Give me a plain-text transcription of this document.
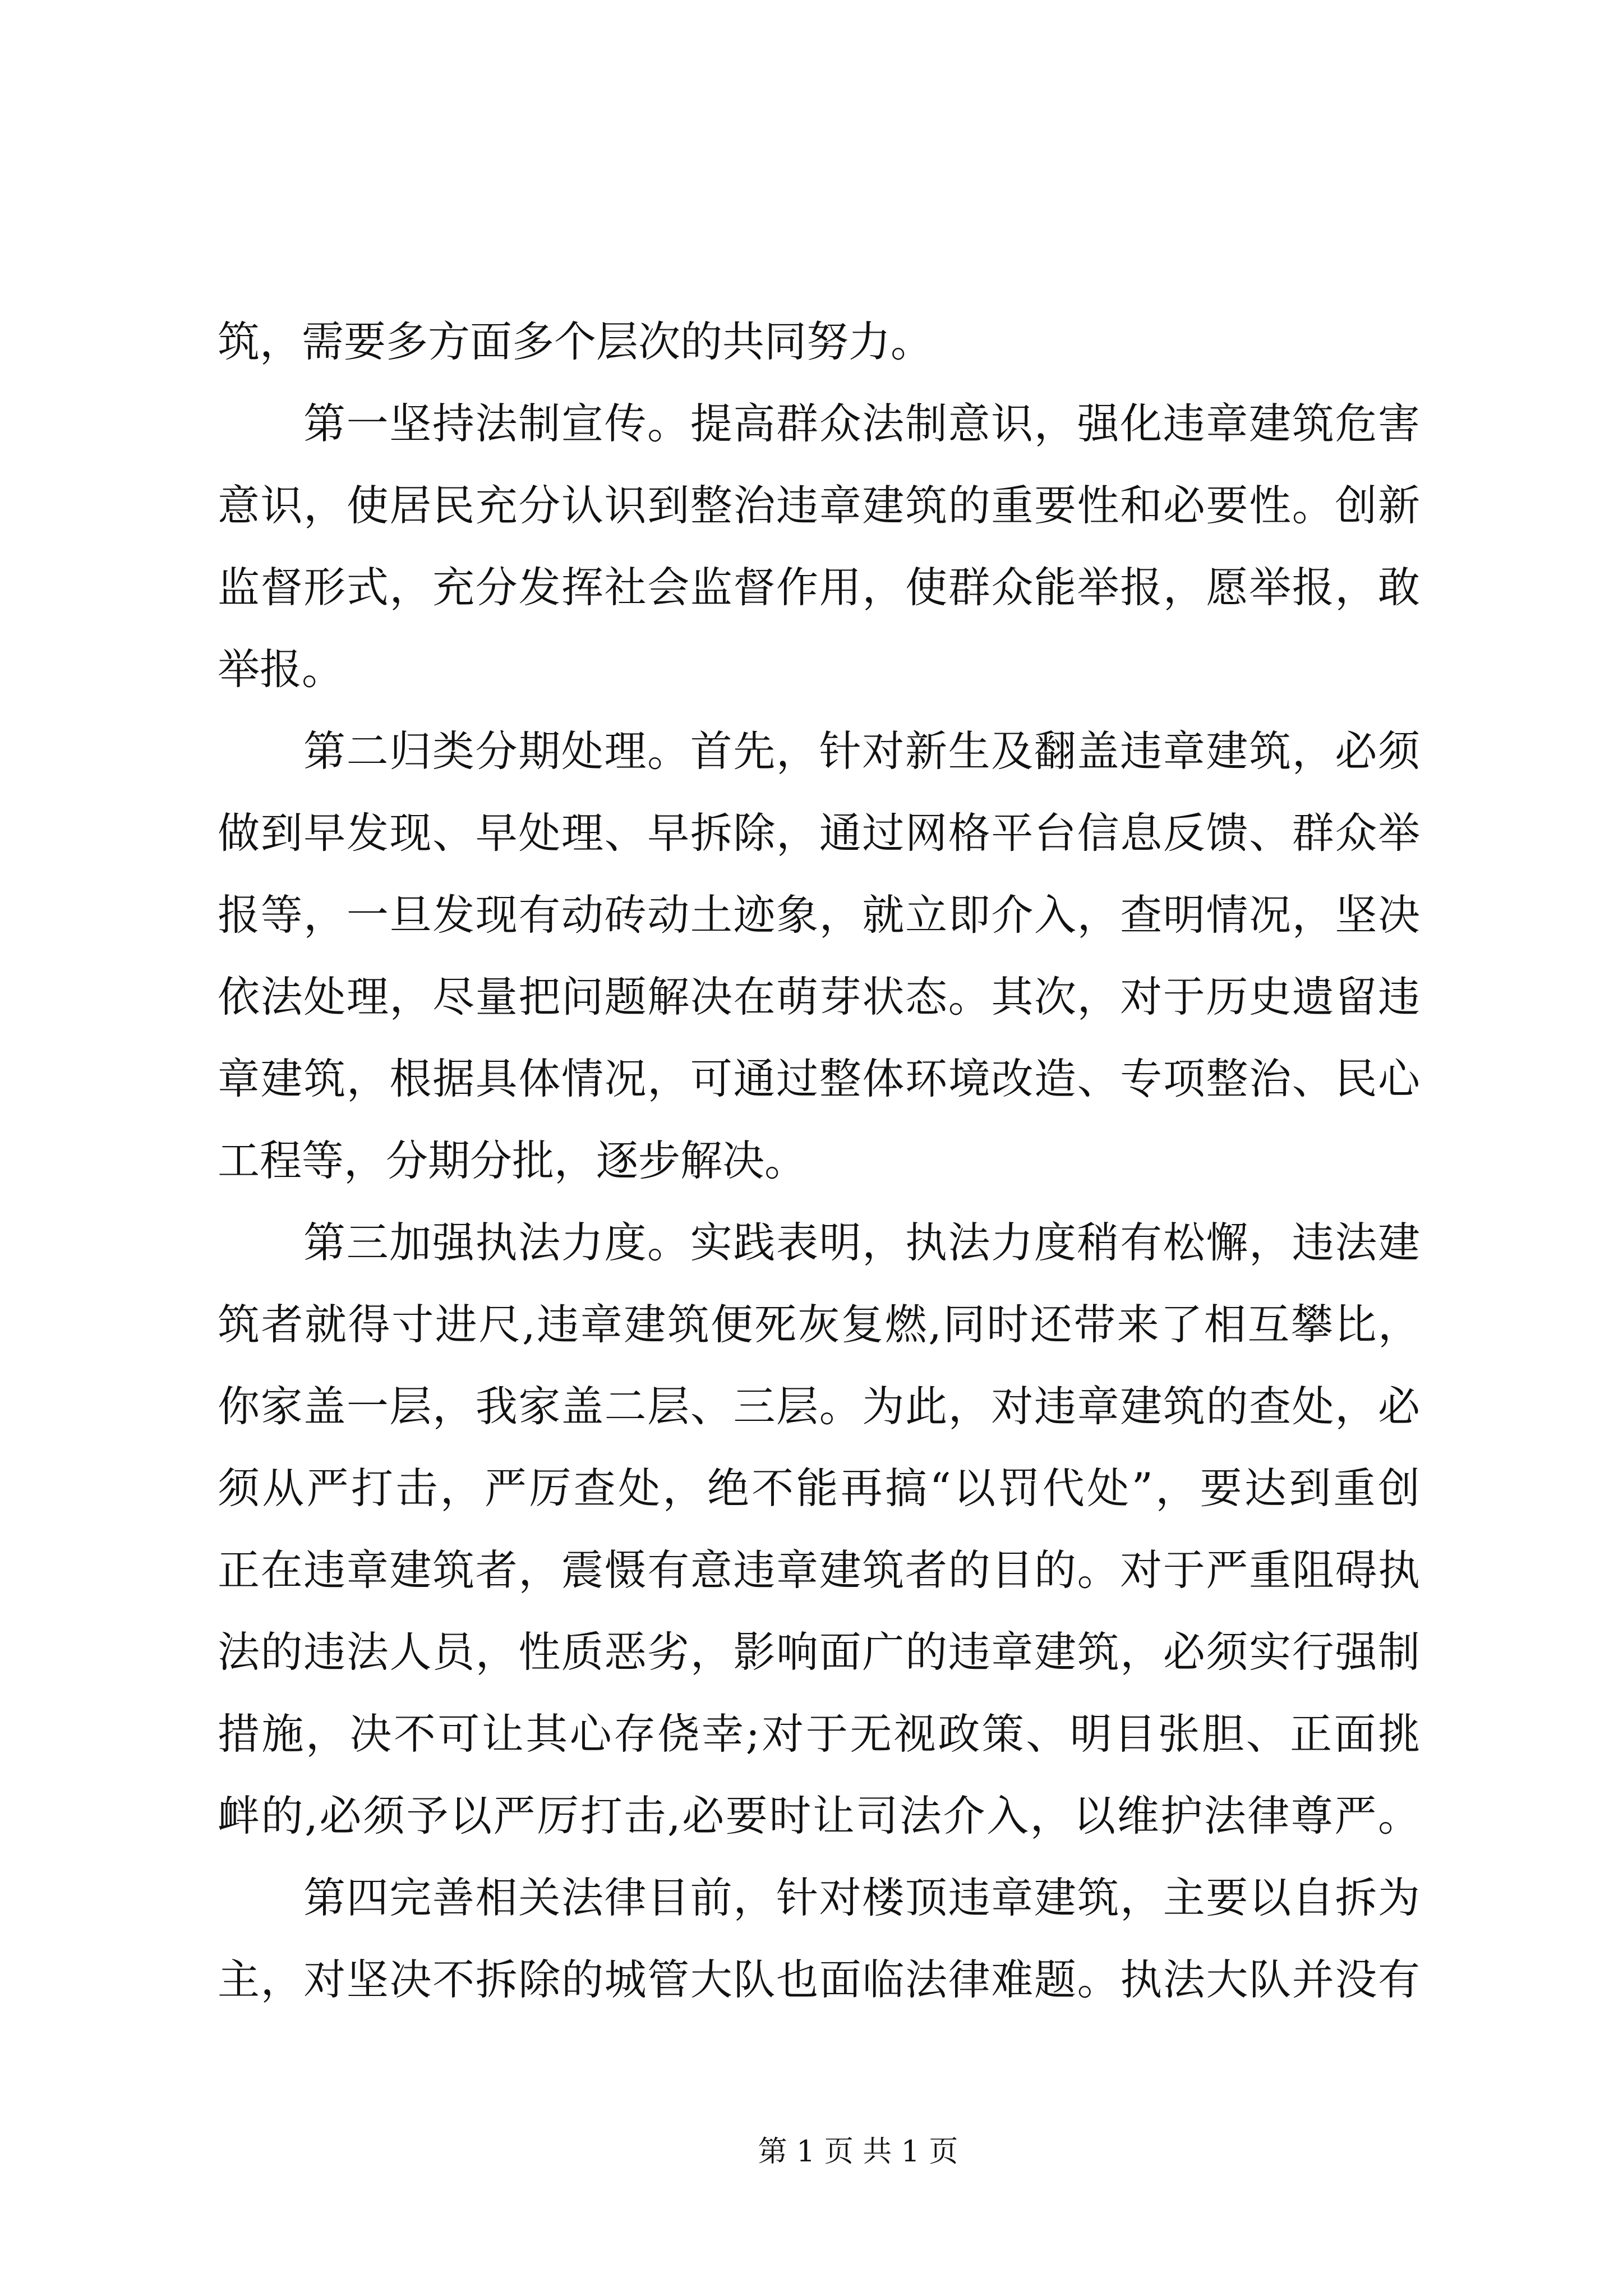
筑，需要多方面多个层次的共同努力。
第一坚持法制宣传。提高群众法制意识，强化违章建筑危害
意识，使居民充分认识到整治违章建筑的重要性和必要性。创新
监督形式，充分发挥社会监督作用，使群众能举报，愿举报，敢
举报。
第二归类分期处理。首先，针对新生及翻盖违章建筑，必须
做到早发现、早处理、早拆除，通过网格平台信息反馈、群众举
报等，一旦发现有动砖动土迹象，就立即介入，查明情况，坚决
依法处理，尽量把问题解决在萌芽状态。其次，对于历史遗留违
章建筑，根据具体情况，可通过整体环境改造、专项整治、民心
工程等，分期分批，逐步解决。
第三加强执法力度。实践表明，执法力度稍有松懈，违法建
筑者就得寸进尺,违章建筑便死灰复燃,同时还带来了相互攀比，
你家盖一层，我家盖二层、三层。为此，对违章建筑的查处，必
须从严打击，严厉查处，绝不能再搞“以罚代处”，要达到重创
正在违章建筑者，震慑有意违章建筑者的目的。对于严重阻碍执
法的违法人员，性质恶劣，影响面广的违章建筑，必须实行强制
措施，决不可让其心存侥幸;对于无视政策、明目张胆、正面挑
衅的,必须予以严厉打击,必要时让司法介入，以维护法律尊严。
第四完善相关法律目前，针对楼顶违章建筑，主要以自拆为
主，对坚决不拆除的城管大队也面临法律难题。执法大队并没有
第 1 页 共 1 页
